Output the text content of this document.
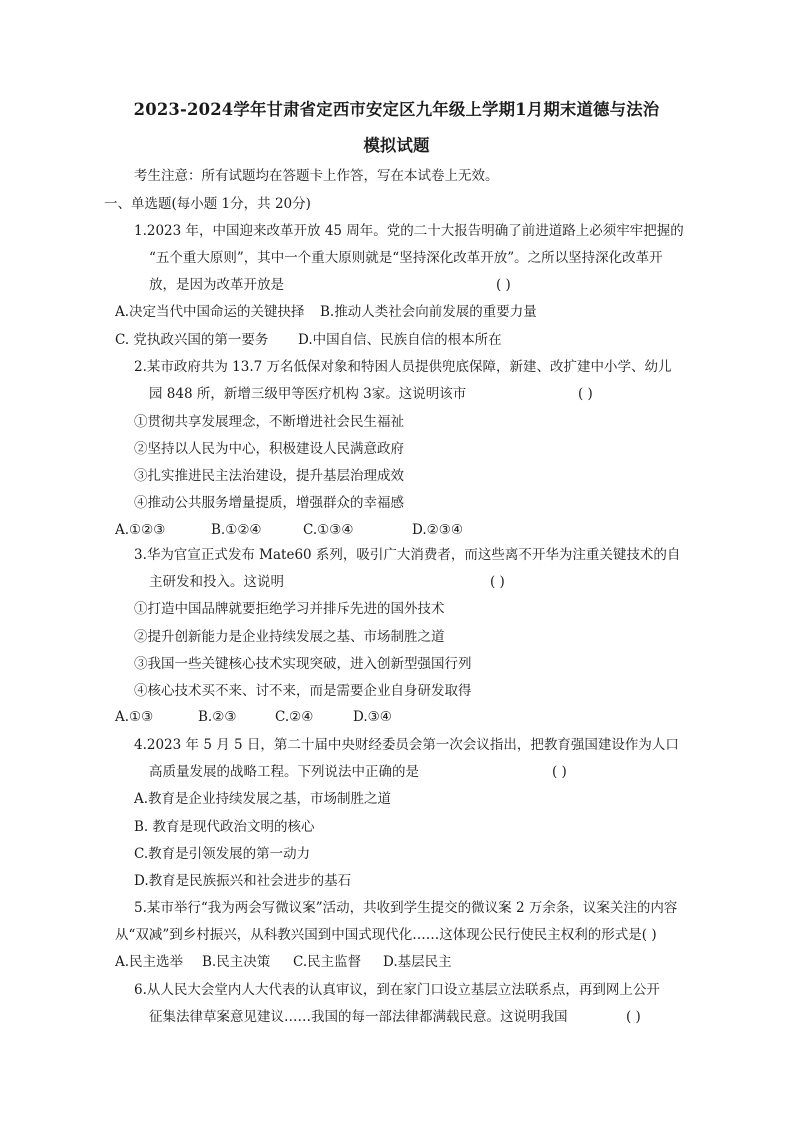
2023-2024学年甘肃省定西市安定区九年级上学期1月期末道德与法治
模拟试题
考生注意：所有试题均在答题卡上作答，写在本试卷上无效。
一、单选题(每小题 1分，共 20分)
1.2023 年，中国迎来改革开放 45 周年。党的二十大报告明确了前进道路上必须牢牢把握的
“五个重大原则”，其中一个重大原则就是“坚持深化改革开放”。之所以坚持深化改革开
放，是因为改革开放是	( )
A.决定当代中国命运的关键抉择 B.推动人类社会向前发展的重要力量
C. 党执政兴国的第一要务 D.中国自信、民族自信的根本所在
2.某市政府共为 13.7 万名低保对象和特困人员提供兜底保障，新建、改扩建中小学、幼儿
园 848 所，新增三级甲等医疗机构 3家。这说明该市	( )
①贯彻共享发展理念，不断增进社会民生福祉
②坚持以人民为中心，积极建设人民满意政府
③扎实推进民主法治建设，提升基层治理成效
④推动公共服务增量提质，增强群众的幸福感
A.①②③	B.①②④	C.①③④	D.②③④
3.华为官宣正式发布 Mate60 系列，吸引广大消费者，而这些离不开华为注重关键技术的自
主研发和投入。这说明	( )
①打造中国品牌就要拒绝学习并排斥先进的国外技术
②提升创新能力是企业持续发展之基、市场制胜之道
③我国一些关键核心技术实现突破，进入创新型强国行列
④核心技术买不来、讨不来，而是需要企业自身研发取得
A.①③	B.②③	C.②④	D.③④
4.2023 年 5 月 5 日，第二十届中央财经委员会第一次会议指出，把教育强国建设作为人口
高质量发展的战略工程。下列说法中正确的是	( )
A.教育是企业持续发展之基，市场制胜之道
B. 教育是现代政治文明的核心
C.教育是引领发展的第一动力
D.教育是民族振兴和社会进步的基石
5.某市举行“我为两会写微议案”活动，共收到学生提交的微议案 2 万余条，议案关注的内容
从“双减”到乡村振兴，从科教兴国到中国式现代化……这体现公民行使民主权利的形式是( )
A.民主选举 B.民主决策 C.民主监督 D.基层民主
6.从人民大会堂内人大代表的认真审议，到在家门口设立基层立法联系点，再到网上公开
征集法律草案意见建议……我国的每一部法律都满载民意。这说明我国	( )
